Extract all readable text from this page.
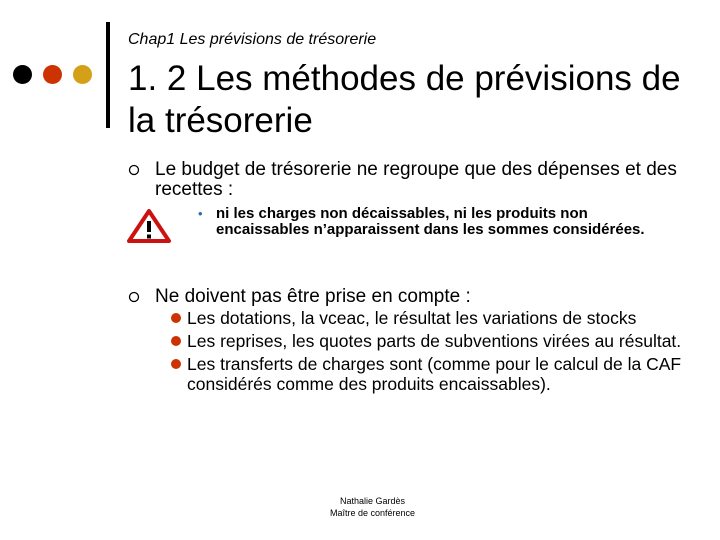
Chap1 Les prévisions de trésorerie
1. 2 Les méthodes de prévisions de la trésorerie
Le budget de trésorerie ne regroupe que des dépenses et des recettes :
• ni les charges non décaissables, ni les produits non encaissables n’apparaissent dans les sommes considérées.
Ne doivent pas être prise en compte :
Les dotations, la vceac, le résultat les variations de stocks
Les reprises, les quotes parts de subventions virées au résultat.
Les transferts de charges sont (comme pour le calcul de la CAF considérés comme des produits encaissables).
Nathalie Gardès
Maître de conférence
